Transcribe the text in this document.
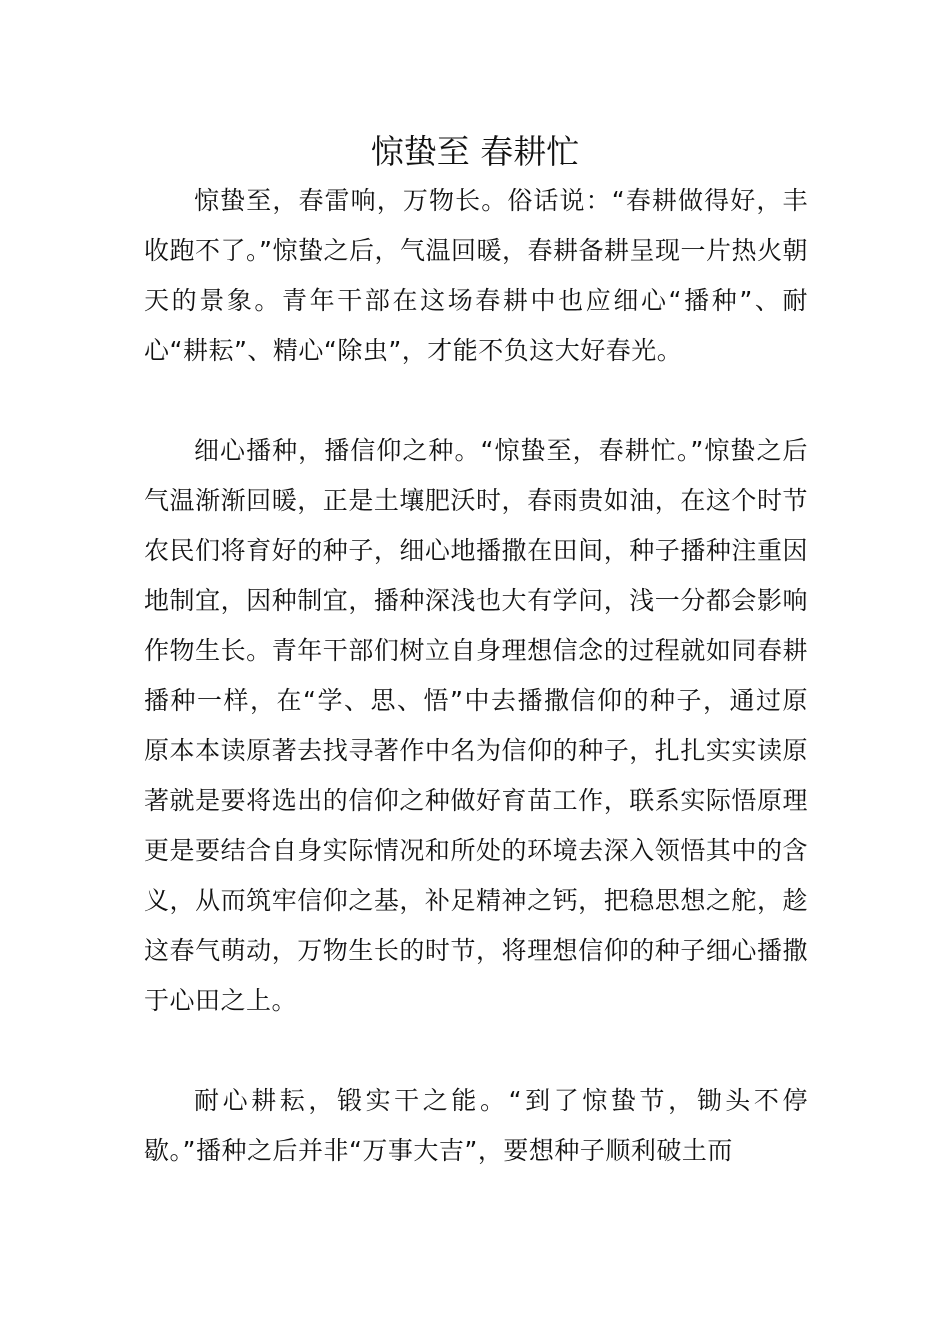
惊蛰至 春耕忙

惊蛰至，春雷响，万物长。俗话说：“春耕做得好，丰收跑不了。”惊蛰之后，气温回暖，春耕备耕呈现一片热火朝天的景象。青年干部在这场春耕中也应细心“播种”、耐心“耕耘”、精心“除虫”，才能不负这大好春光。

细心播种，播信仰之种。“惊蛰至，春耕忙。”惊蛰之后气温渐渐回暖，正是土壤肥沃时，春雨贵如油，在这个时节农民们将育好的种子，细心地播撒在田间，种子播种注重因地制宜，因种制宜，播种深浅也大有学问，浅一分都会影响作物生长。青年干部们树立自身理想信念的过程就如同春耕播种一样，在“学、思、悟”中去播撒信仰的种子，通过原原本本读原著去找寻著作中名为信仰的种子，扎扎实实读原著就是要将选出的信仰之种做好育苗工作，联系实际悟原理更是要结合自身实际情况和所处的环境去深入领悟其中的含义，从而筑牢信仰之基，补足精神之钙，把稳思想之舵，趁这春气萌动，万物生长的时节，将理想信仰的种子细心播撒于心田之上。

耐心耕耘，锻实干之能。“到了惊蛰节，锄头不停歇。”播种之后并非“万事大吉”，要想种子顺利破土而
